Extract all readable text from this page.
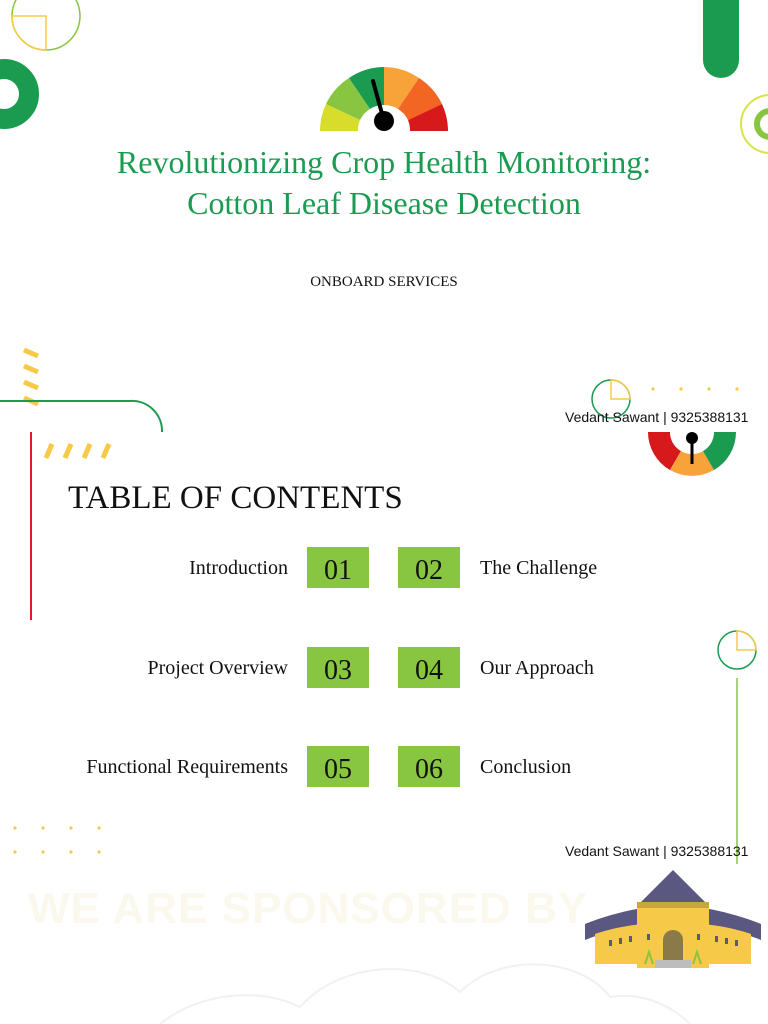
Revolutionizing Crop Health Monitoring: Cotton Leaf Disease Detection
ONBOARD SERVICES
Vedant Sawant | 9325388131
TABLE OF CONTENTS
Introduction	01	02	The Challenge
Project Overview	03	04	Our Approach
Functional Requirements	05	06	Conclusion
Vedant Sawant | 9325388131
WE ARE SPONSORED BY
